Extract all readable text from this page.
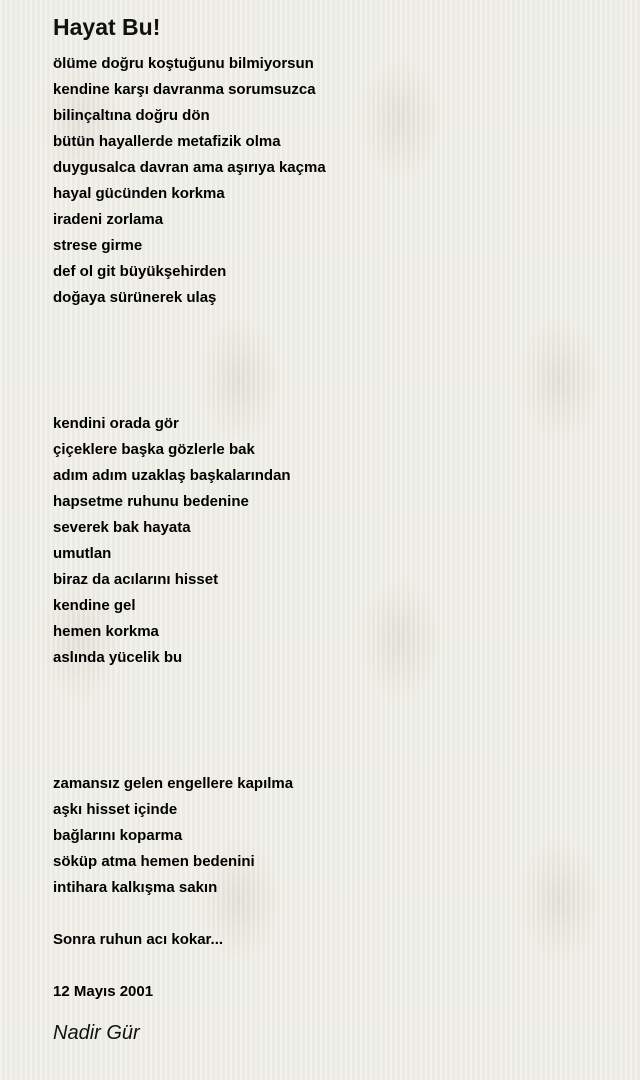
Hayat Bu!
ölüme doğru koştuğunu bilmiyorsun
kendine karşı davranma sorumsuzca
bilinçaltına doğru dön
bütün hayallerde metafizik olma
duygusalca davran ama aşırıya kaçma
hayal gücünden korkma
iradeni zorlama
strese girme
def ol git büyükşehirden
doğaya sürünerek ulaş
kendini orada gör
çiçeklere başka gözlerle bak
adım adım uzaklaş başkalarından
hapsetme ruhunu bedenine
severek bak hayata
umutlan
biraz da acılarını hisset
kendine gel
hemen korkma
aslında yücelik bu
zamansız gelen engellere kapılma
aşkı hisset içinde
bağlarını koparma
söküp atma hemen bedenini
intihara kalkışma sakın
Sonra ruhun acı kokar...
12 Mayıs 2001
Nadir Gür
